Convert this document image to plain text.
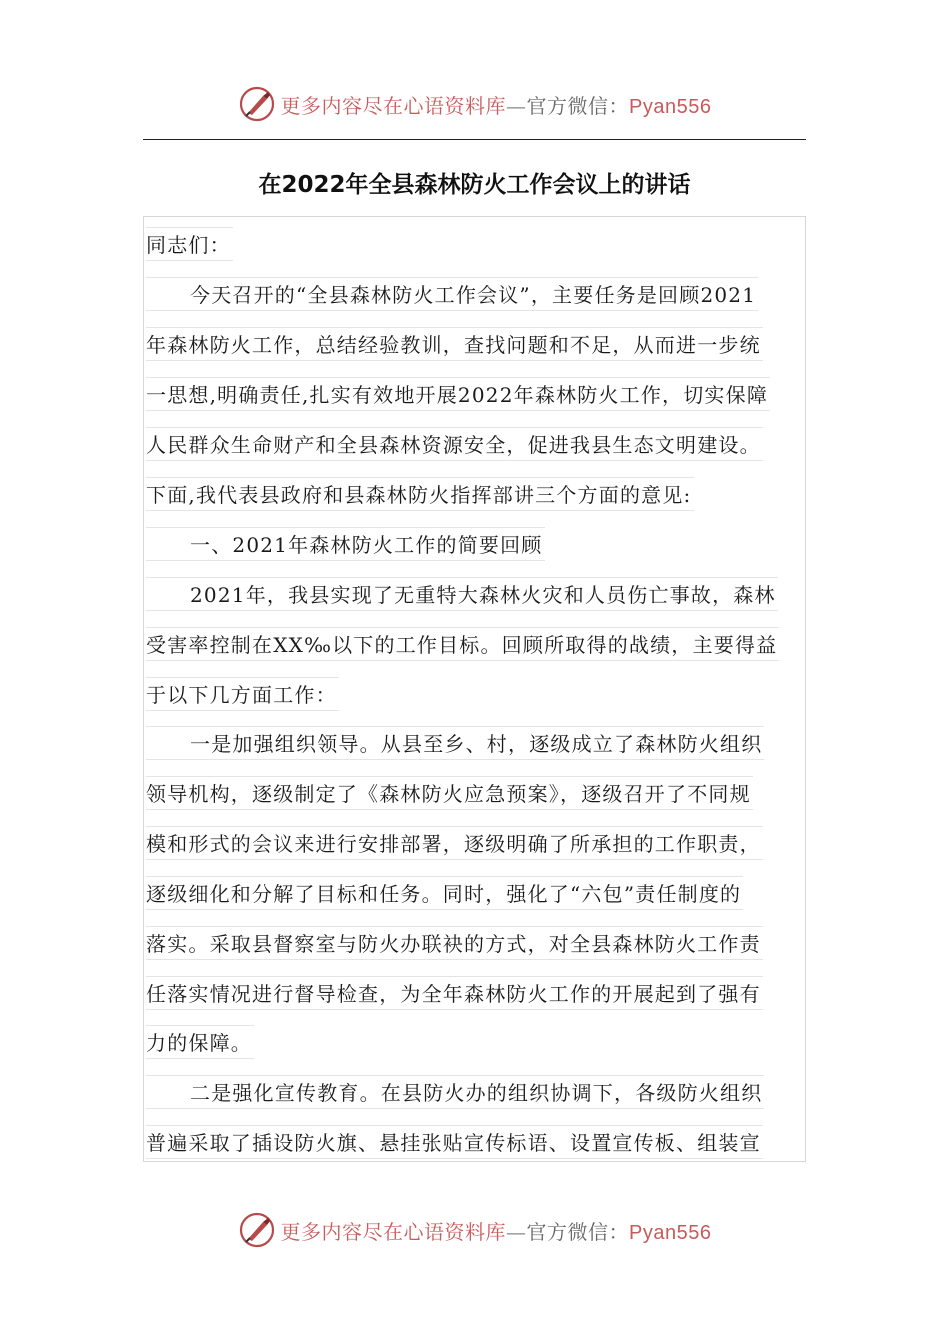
更多内容尽在心语资料库—官方微信：Pyan556
在2022年全县森林防火工作会议上的讲话
同志们：
今天召开的“全县森林防火工作会议”，主要任务是回顾2021
年森林防火工作，总结经验教训，查找问题和不足，从而进一步统
一思想,明确责任,扎实有效地开展2022年森林防火工作，切实保障
人民群众生命财产和全县森林资源安全，促进我县生态文明建设。
下面,我代表县政府和县森林防火指挥部讲三个方面的意见:
一、2021年森林防火工作的简要回顾
2021年，我县实现了无重特大森林火灾和人员伤亡事故，森林
受害率控制在XX‰以下的工作目标。回顾所取得的战绩，主要得益
于以下几方面工作：
一是加强组织领导。从县至乡、村，逐级成立了森林防火组织
领导机构，逐级制定了《森林防火应急预案》，逐级召开了不同规
模和形式的会议来进行安排部署，逐级明确了所承担的工作职责，
逐级细化和分解了目标和任务。同时，强化了“六包”责任制度的
落实。采取县督察室与防火办联袂的方式，对全县森林防火工作责
任落实情况进行督导检查，为全年森林防火工作的开展起到了强有
力的保障。
二是强化宣传教育。在县防火办的组织协调下，各级防火组织
普遍采取了插设防火旗、悬挂张贴宣传标语、设置宣传板、组装宣
更多内容尽在心语资料库—官方微信：Pyan556
